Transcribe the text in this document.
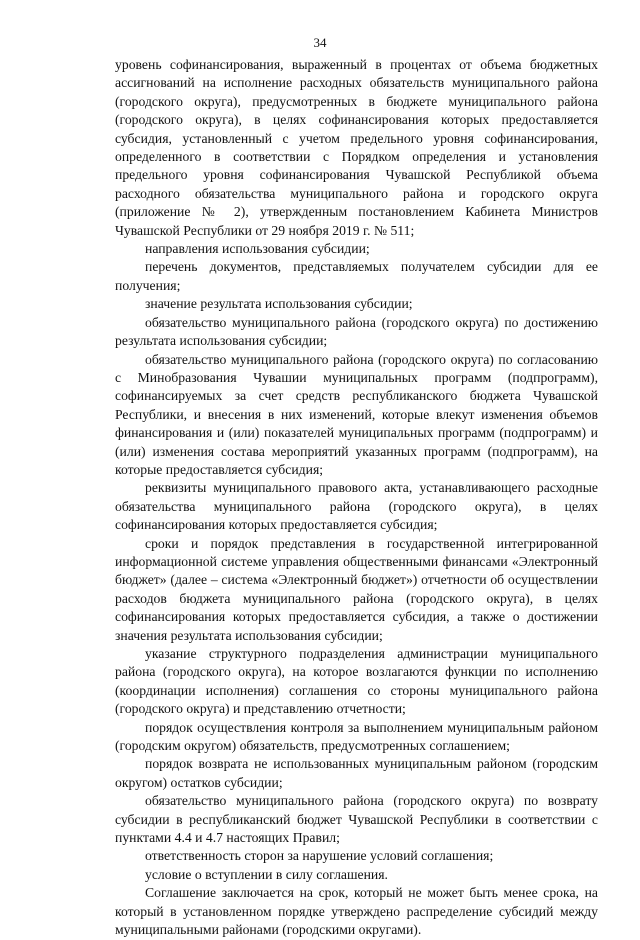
34

уровень софинансирования, выраженный в процентах от объема бюджетных ассигнований на исполнение расходных обязательств муниципального района (городского округа), предусмотренных в бюджете муниципального района (городского округа), в целях софинансирования которых предоставляется субсидия, установленный с учетом предельного уровня софинансирования, определенного в соответствии с Порядком определения и установления предельного уровня софинансирования Чувашской Республикой объема расходного обязательства муниципального района и городского округа (приложение № 2), утвержденным постановлением Кабинета Министров Чувашской Республики от 29 ноября 2019 г. № 511;

направления использования субсидии;

перечень документов, представляемых получателем субсидии для ее получения;

значение результата использования субсидии;

обязательство муниципального района (городского округа) по достижению результата использования субсидии;

обязательство муниципального района (городского округа) по согласованию с Минобразования Чувашии муниципальных программ (подпрограмм), софинансируемых за счет средств республиканского бюджета Чувашской Республики, и внесения в них изменений, которые влекут изменения объемов финансирования и (или) показателей муниципальных программ (подпрограмм) и (или) изменения состава мероприятий указанных программ (подпрограмм), на которые предоставляется субсидия;

реквизиты муниципального правового акта, устанавливающего расходные обязательства муниципального района (городского округа), в целях софинансирования которых предоставляется субсидия;

сроки и порядок представления в государственной интегрированной информационной системе управления общественными финансами «Электронный бюджет» (далее – система «Электронный бюджет») отчетности об осуществлении расходов бюджета муниципального района (городского округа), в целях софинансирования которых предоставляется субсидия, а также о достижении значения результата использования субсидии;

указание структурного подразделения администрации муниципального района (городского округа), на которое возлагаются функции по исполнению (координации исполнения) соглашения со стороны муниципального района (городского округа) и представлению отчетности;

порядок осуществления контроля за выполнением муниципальным районом (городским округом) обязательств, предусмотренных соглашением;

порядок возврата не использованных муниципальным районом (городским округом) остатков субсидии;

обязательство муниципального района (городского округа) по возврату субсидии в республиканский бюджет Чувашской Республики в соответствии с пунктами 4.4 и 4.7 настоящих Правил;

ответственность сторон за нарушение условий соглашения;

условие о вступлении в силу соглашения.

Соглашение заключается на срок, который не может быть менее срока, на который в установленном порядке утверждено распределение субсидий между муниципальными районами (городскими округами).
